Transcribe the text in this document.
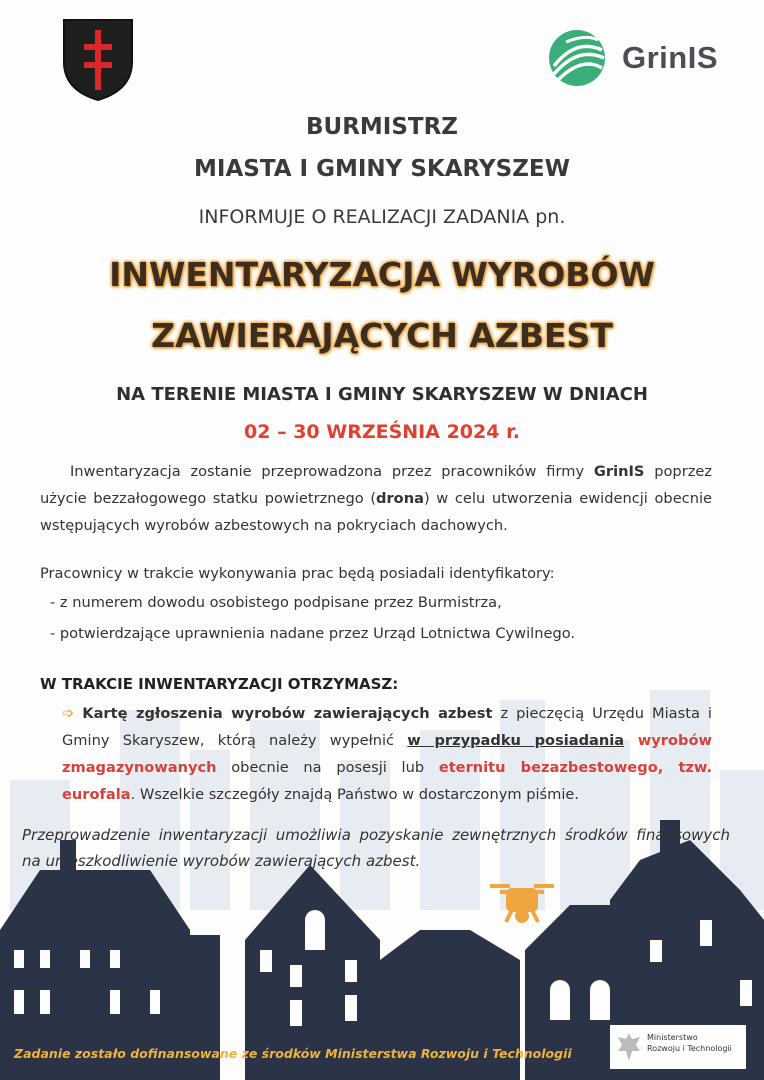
GrinIS
BURMISTRZ
MIASTA I GMINY SKARYSZEW
INFORMUJE O REALIZACJI ZADANIA pn.
INWENTARYZACJA WYROBÓW
ZAWIERAJĄCYCH AZBEST
NA TERENIE MIASTA I GMINY SKARYSZEW W DNIACH
02 – 30 WRZEŚNIA 2024 r.
Inwentaryzacja zostanie przeprowadzona przez pracowników firmy GrinIS poprzez użycie bezzałogowego statku powietrznego (drona) w celu utworzenia ewidencji obecnie wstępujących wyrobów azbestowych na pokryciach dachowych.
Pracownicy w trakcie wykonywania prac będą posiadali identyfikatory:
- z numerem dowodu osobistego podpisane przez Burmistrza,
- potwierdzające uprawnienia nadane przez Urząd Lotnictwa Cywilnego.
W TRAKCIE INWENTARYZACJI OTRZYMASZ:
➩ Kartę zgłoszenia wyrobów zawierających azbest z pieczęcią Urzędu Miasta i Gminy Skaryszew, którą należy wypełnić w przypadku posiadania wyrobów zmagazynowanych obecnie na posesji lub eternitu bezazbestowego, tzw. eurofala. Wszelkie szczegóły znajdą Państwo w dostarczonym piśmie.
Przeprowadzenie inwentaryzacji umożliwia pozyskanie zewnętrznych środków finansowych na unieszkodliwienie wyrobów zawierających azbest.
Zadanie zostało dofinansowane ze środków Ministerstwa Rozwoju i Technologii
Ministerstwo
Rozwoju i Technologii
